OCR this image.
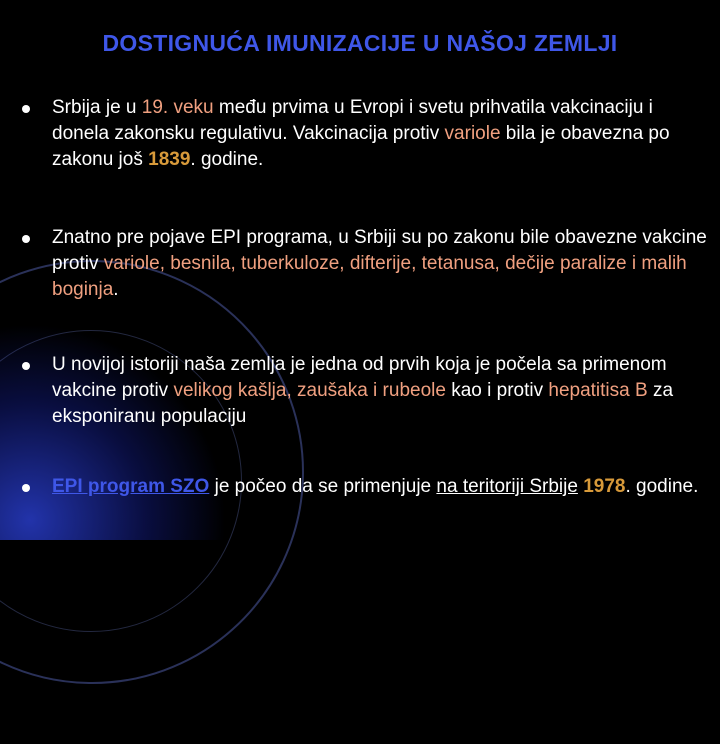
DOSTIGNUĆA IMUNIZACIJE U NAŠOJ ZEMLJI
Srbija je u 19. veku među prvima u Evropi i svetu prihvatila vakcinaciju i donela zakonsku regulativu. Vakcinacija protiv variole bila je obavezna po zakonu još 1839. godine.
Znatno pre pojave EPI programa, u Srbiji su po zakonu bile obavezne vakcine protiv variole, besnila, tuberkuloze, difterije, tetanusa, dečije paralize i malih boginja.
U novijoj istoriji naša zemlja je jedna od prvih koja je počela sa primenom vakcine protiv velikog kašlja, zaušaka i rubeole kao i protiv hepatitisa B za eksponiranu populaciju
EPI program SZO je počeo da se primenjuje na teritoriji Srbije 1978. godine.
